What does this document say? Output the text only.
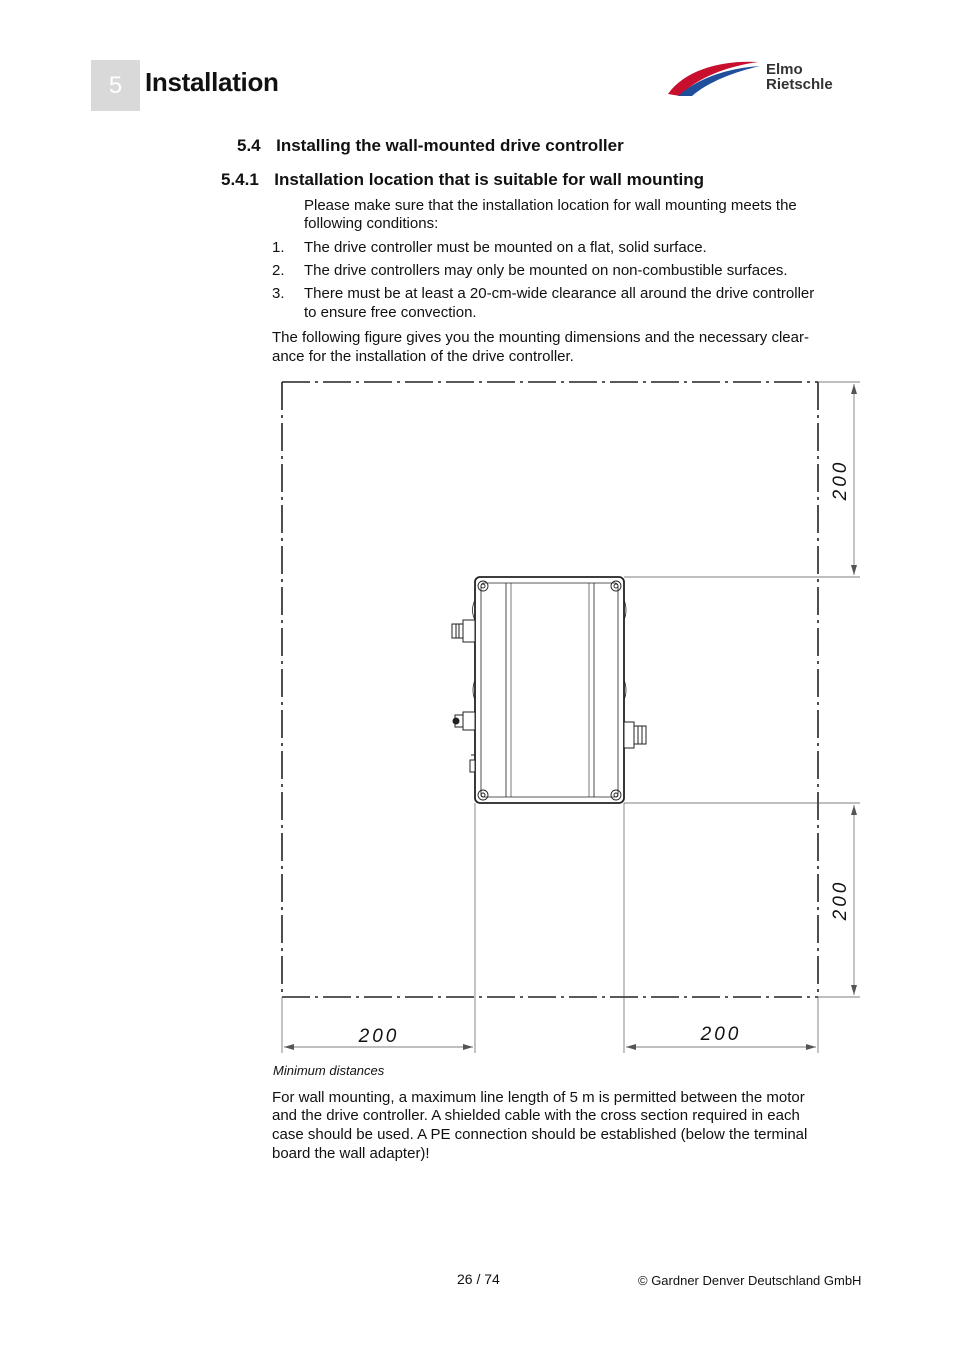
5 Installation	Elmo
Rietschle
5.4 Installing the wall-mounted drive controller
5.4.1 Installation location that is suitable for wall mounting
Please make sure that the installation location for wall mounting meets the
following conditions:
1. The drive controller must be mounted on a flat, solid surface.
2. The drive controllers may only be mounted on non-combustible surfaces.
3. There must be at least a 20-cm-wide clearance all around the drive controller
to ensure free convection.
The following figure gives you the mounting dimensions and the necessary clear-
ance for the installation of the drive controller.
200
200
200	200
Minimum distances
For wall mounting, a maximum line length of 5 m is permitted between the motor
and the drive controller. A shielded cable with the cross section required in each
case should be used. A PE connection should be established (below the terminal
board the wall adapter)!
26 / 74	© Gardner Denver Deutschland GmbH
